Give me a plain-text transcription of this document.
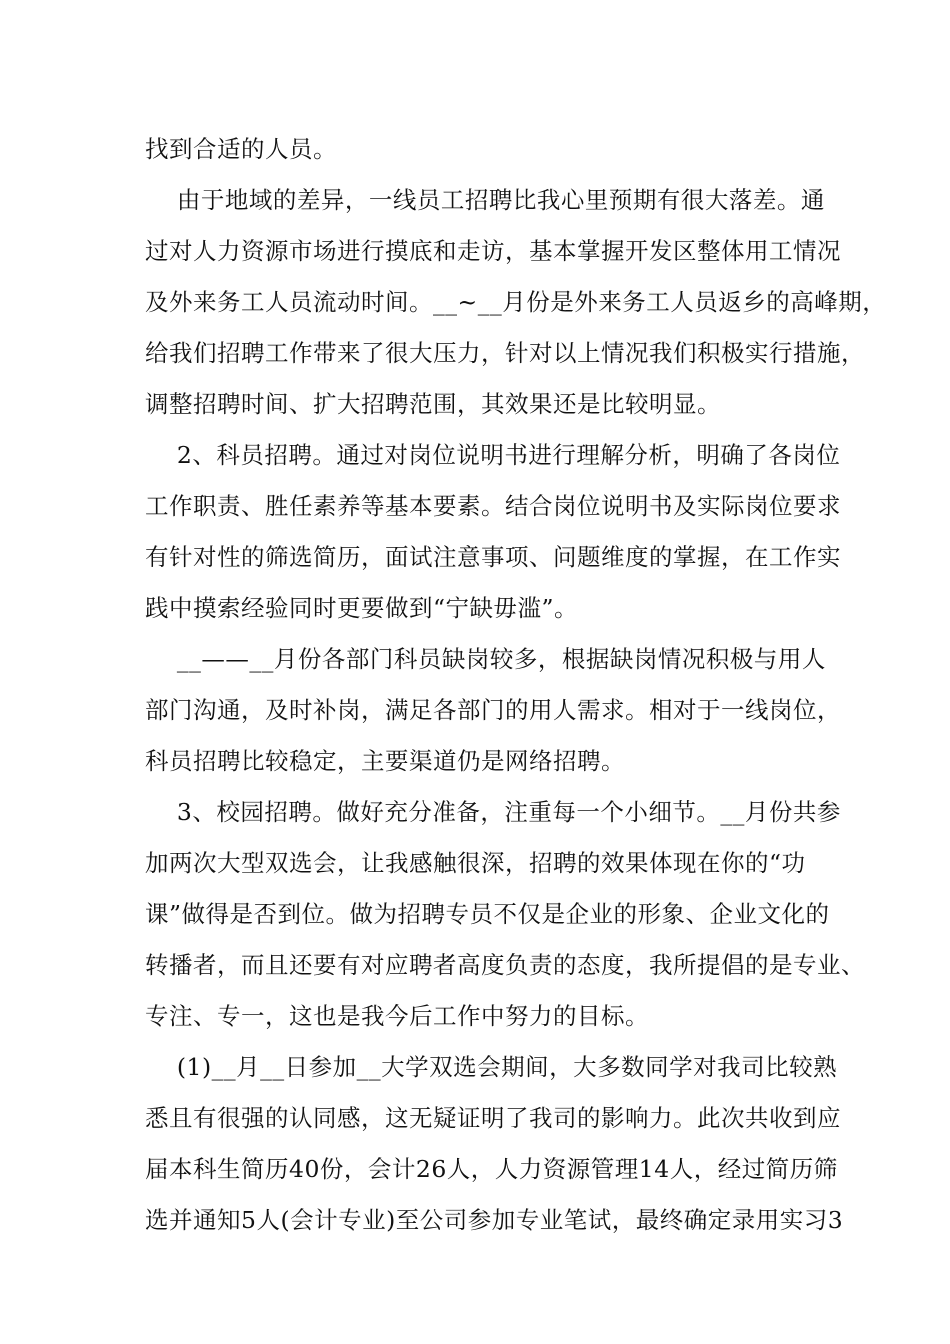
找到合适的人员。
由于地域的差异，一线员工招聘比我心里预期有很大落差。通
过对人力资源市场进行摸底和走访，基本掌握开发区整体用工情况
及外来务工人员流动时间。__~__月份是外来务工人员返乡的高峰期，
给我们招聘工作带来了很大压力，针对以上情况我们积极实行措施，
调整招聘时间、扩大招聘范围，其效果还是比较明显。
2、科员招聘。通过对岗位说明书进行理解分析，明确了各岗位
工作职责、胜任素养等基本要素。结合岗位说明书及实际岗位要求
有针对性的筛选简历，面试注意事项、问题维度的掌握，在工作实
践中摸索经验同时更要做到“宁缺毋滥”。
__——__月份各部门科员缺岗较多，根据缺岗情况积极与用人
部门沟通，及时补岗，满足各部门的用人需求。相对于一线岗位，
科员招聘比较稳定，主要渠道仍是网络招聘。
3、校园招聘。做好充分准备，注重每一个小细节。__月份共参
加两次大型双选会，让我感触很深，招聘的效果体现在你的“功
课”做得是否到位。做为招聘专员不仅是企业的形象、企业文化的
转播者，而且还要有对应聘者高度负责的态度，我所提倡的是专业、
专注、专一，这也是我今后工作中努力的目标。
(1)__月__日参加__大学双选会期间，大多数同学对我司比较熟
悉且有很强的认同感，这无疑证明了我司的影响力。此次共收到应
届本科生简历40份，会计26人，人力资源管理14人，经过简历筛
选并通知5人(会计专业)至公司参加专业笔试，最终确定录用实习3
